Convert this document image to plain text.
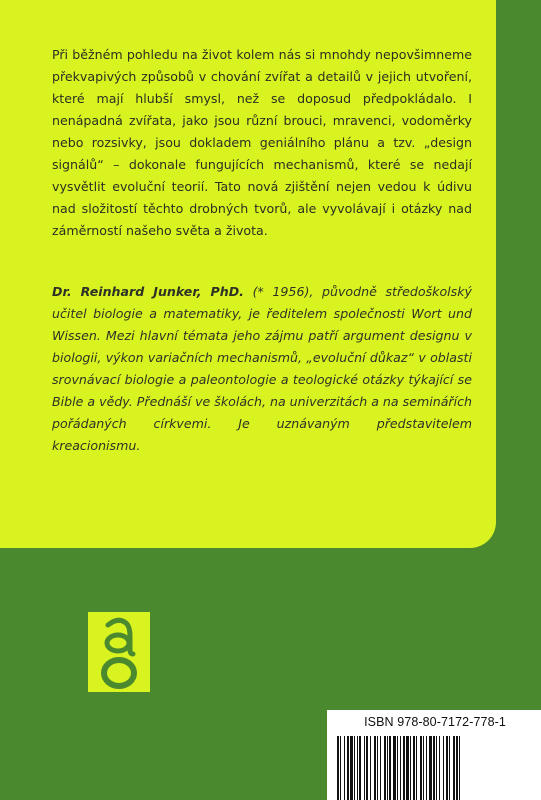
Při běžném pohledu na život kolem nás si mnohdy nepovšimneme překvapivých způsobů v chování zvířat a detailů v jejich utvoření, které mají hlubší smysl, než se doposud předpokládalo. I nenápadná zvířata, jako jsou různí brouci, mravenci, vodoměrky nebo rozsivky, jsou dokladem geniálního plánu a tzv. „design signálů“ – dokonale fungujících mechanismů, které se nedají vysvětlit evoluční teorií. Tato nová zjištění nejen vedou k údivu nad složitostí těchto drobných tvorů, ale vyvolávají i otázky nad záměrností našeho světa a života.

Dr. Reinhard Junker, PhD. (* 1956), původně středoškolský učitel biologie a matematiky, je ředitelem společnosti Wort und Wissen. Mezi hlavní témata jeho zájmu patří argument designu v biologii, výkon variačních mechanismů, „evoluční důkaz“ v oblasti srovnávací biologie a paleontologie a teologické otázky týkající se Bible a vědy. Přednáší ve školách, na univerzitách a na seminářích pořádaných církvemi. Je uznávaným představitelem kreacionismu.

ISBN 978-80-7172-778-1
